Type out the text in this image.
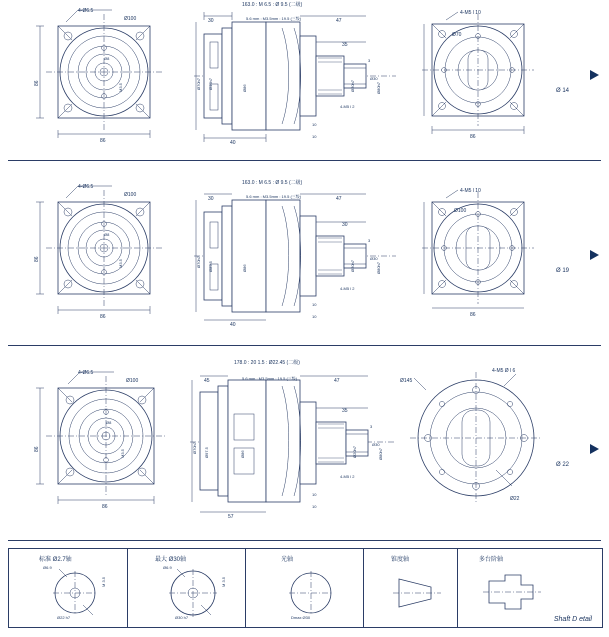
4-Ø6.5
Ø100
86
86
Ø8
M3.5
163.0 : M 6.5 : Ø 9.5 (二级)
5.6 mm : M3.5mm : 19.5 (三级)
30	47
35
3
Ø30
10
10
40
Ø70h7 Ø46h7	Ø86	Ø20h7	Ø80h7
4-M5 l 2
4-M5 l 10
Ø70
86
Ø 14
4-Ø6.5
Ø100
86
86
Ø8
M3.5
163.0 : M 6.5 : Ø 9.5 (二级)
5.6 mm : M3.5mm : 19.5 (三级)
30	47
30
3
Ø30
10
10
40
Ø70h7 Ø89.5	Ø86	Ø20h7	Ø80h7
4-M5 l 2
4-M5 l 10
Ø100
86
Ø 19
4-Ø6.5
Ø100
86
86
Ø8
M3.5
178.0 : 20 1.5 : Ø22.45 (二级)
5.6 mm : M3.5mm : 19.5 (三级)
45	47
35
3
Ø30
10
10
57
Ø70h7 Ø97.5	Ø86	Ø20h7	Ø80h7
4-M5 l 2
Ø145
4-M5 Ø l 6
Ø22
Ø 22
标准 Ø2.7轴	最大 Ø30轴	光轴	锥度轴	多台阶轴
Ø6.9
M 3.5
Ø22 h7
Ø6.9
M 3.5
Ø30 h7	Dmax Ø30	Shaft D etail
